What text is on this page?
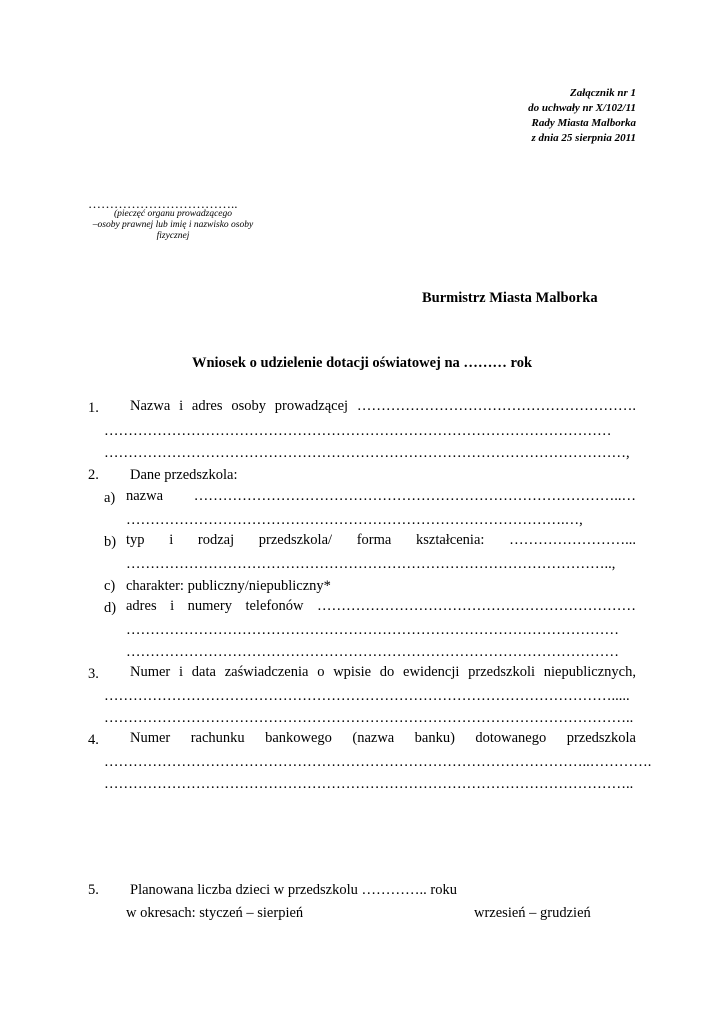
Załącznik nr 1
do uchwały nr X/102/11
Rady Miasta Malborka
z dnia 25 sierpnia 2011
……………………………..
(pieczęć organu prowadzącego
–osoby prawnej lub imię i nazwisko osoby
fizycznej
Burmistrz Miasta Malborka
Wniosek o udzielenie dotacji oświatowej na ……… rok
1. Nazwa i adres osoby prowadzącej ………………………………………………….
……………………………………………………………………………………………
………………………………………………………………………………………………,
2. Dane przedszkola:
a) nazwa ……………………………………………………………………………..…
……………………………………………………………………………….…,
b) typ i rodzaj przedszkola/ forma kształcenia: ……………………...
………………………………………………………………………………………..,
c) charakter: publiczny/niepubliczny*
d) adres i numery telefonów …………………………………………………………
…………………………………………………………………………………………
…………………………………………………………………………………………
3. Numer i data zaświadczenia o wpisie do ewidencji przedszkoli niepublicznych,
…………………………………………………………………………………………….....
………………………………………………………………………………………………..
4. Numer rachunku bankowego (nazwa banku) dotowanego przedszkola
………………………………………………………………………………………..………….
………………………………………………………………………………………………..
5. Planowana liczba dzieci w przedszkolu ………….. roku
w okresach: styczeń – sierpień	wrzesień – grudzień
